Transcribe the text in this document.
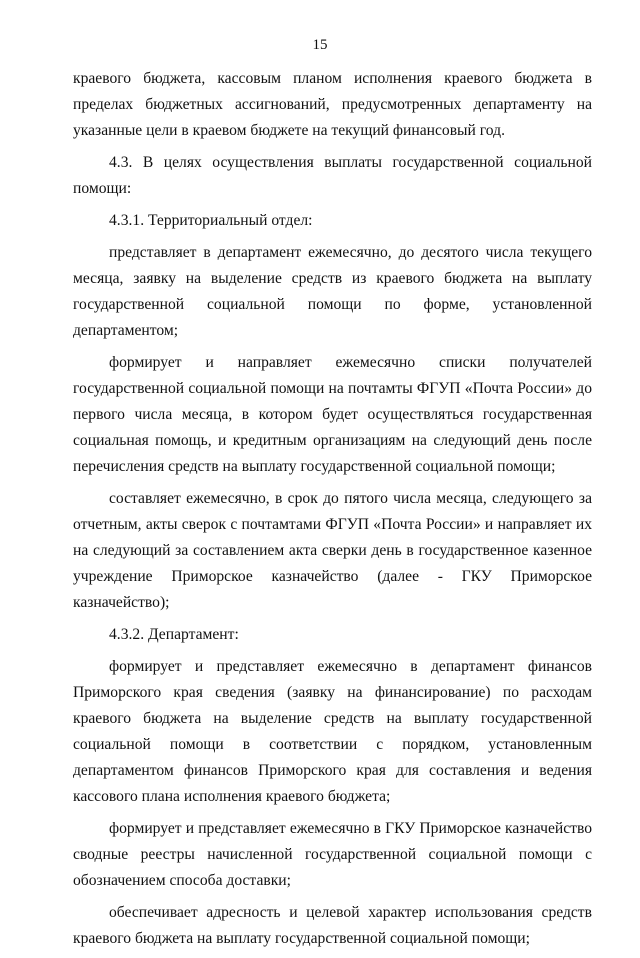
15

краевого бюджета, кассовым планом исполнения краевого бюджета в пределах бюджетных ассигнований, предусмотренных департаменту на указанные цели в краевом бюджете на текущий финансовый год.

4.3. В целях осуществления выплаты государственной социальной помощи:

4.3.1. Территориальный отдел:

представляет в департамент ежемесячно, до десятого числа текущего месяца, заявку на выделение средств из краевого бюджета на выплату государственной социальной помощи по форме, установленной департаментом;

формирует и направляет ежемесячно списки получателей государственной социальной помощи на почтамты ФГУП «Почта России» до первого числа месяца, в котором будет осуществляться государственная социальная помощь, и кредитным организациям на следующий день после перечисления средств на выплату государственной социальной помощи;

составляет ежемесячно, в срок до пятого числа месяца, следующего за отчетным, акты сверок с почтамтами ФГУП «Почта России» и направляет их на следующий за составлением акта сверки день в государственное казенное учреждение Приморское казначейство (далее - ГКУ Приморское казначейство);

4.3.2. Департамент:

формирует и представляет ежемесячно в департамент финансов Приморского края сведения (заявку на финансирование) по расходам краевого бюджета на выделение средств на выплату государственной социальной помощи в соответствии с порядком, установленным департаментом финансов Приморского края для составления и ведения кассового плана исполнения краевого бюджета;

формирует и представляет ежемесячно в ГКУ Приморское казначейство сводные реестры начисленной государственной социальной помощи с обозначением способа доставки;

обеспечивает адресность и целевой характер использования средств краевого бюджета на выплату государственной социальной помощи;
